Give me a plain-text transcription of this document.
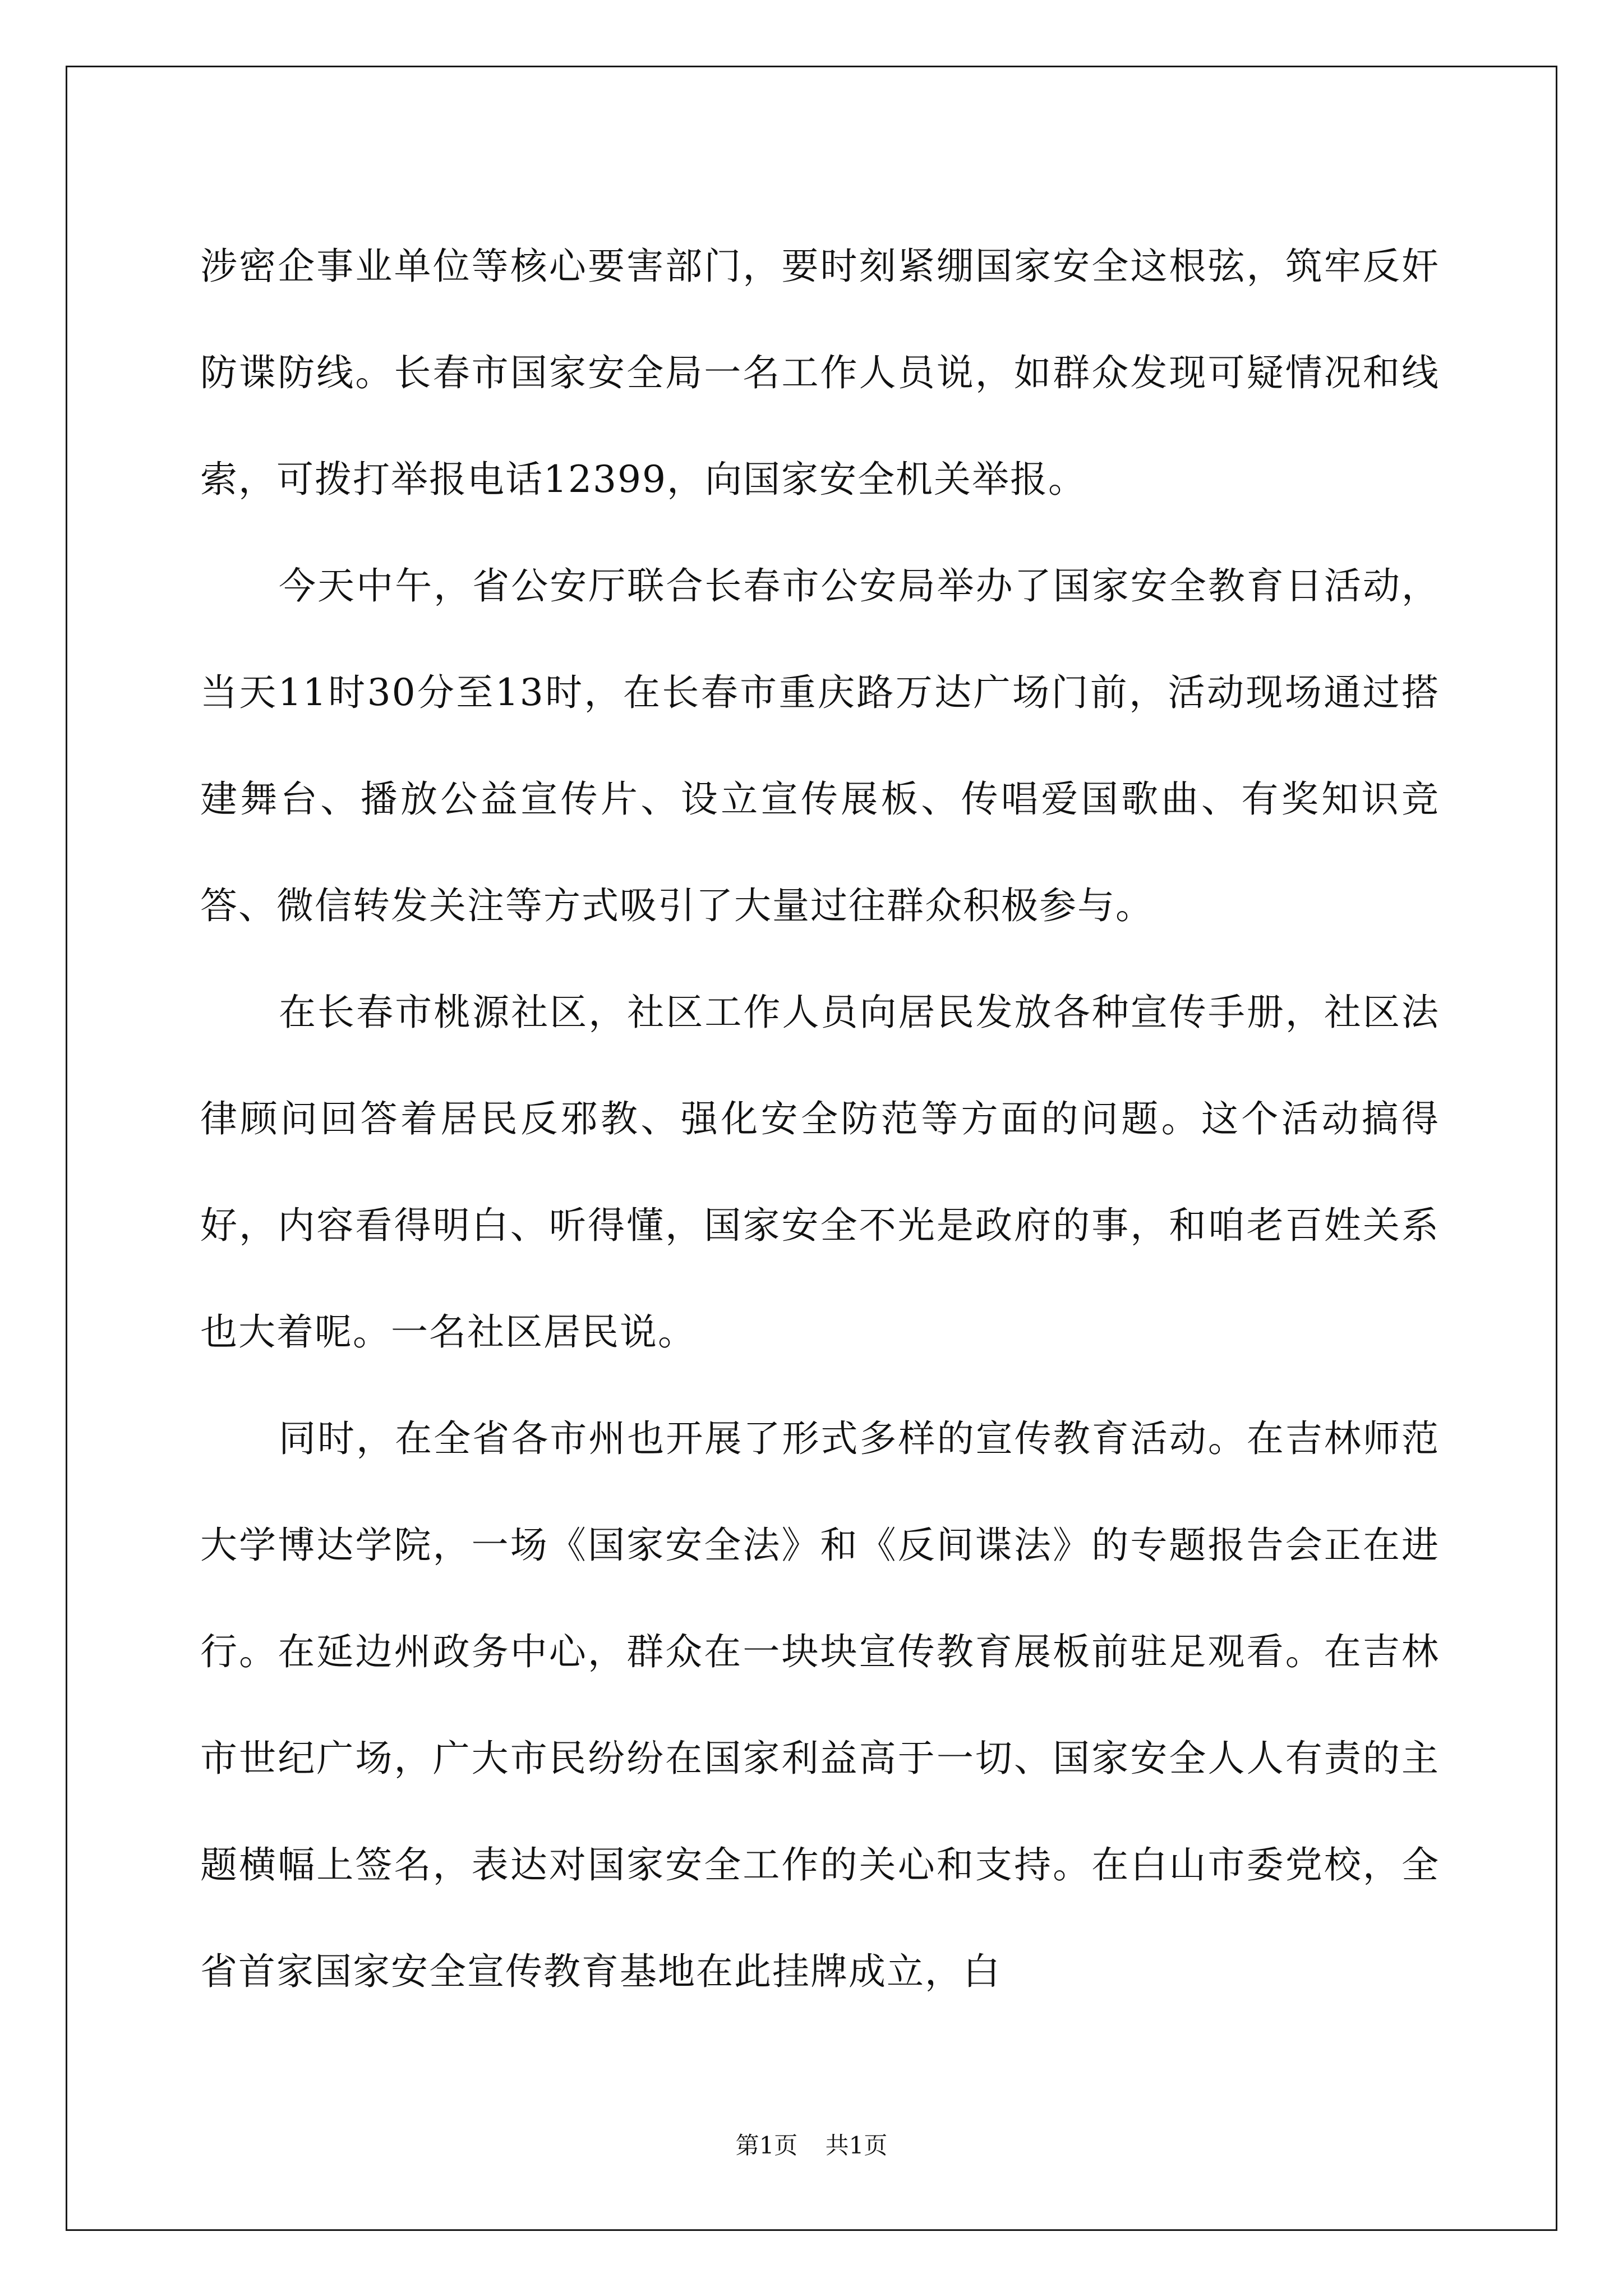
涉密企事业单位等核心要害部门，要时刻紧绷国家安全这根弦，筑牢反奸防谍防线。长春市国家安全局一名工作人员说，如群众发现可疑情况和线索，可拨打举报电话12399，向国家安全机关举报。

今天中午，省公安厅联合长春市公安局举办了国家安全教育日活动，当天11时30分至13时，在长春市重庆路万达广场门前，活动现场通过搭建舞台、播放公益宣传片、设立宣传展板、传唱爱国歌曲、有奖知识竞答、微信转发关注等方式吸引了大量过往群众积极参与。

在长春市桃源社区，社区工作人员向居民发放各种宣传手册，社区法律顾问回答着居民反邪教、强化安全防范等方面的问题。这个活动搞得好，内容看得明白、听得懂，国家安全不光是政府的事，和咱老百姓关系也大着呢。一名社区居民说。

同时，在全省各市州也开展了形式多样的宣传教育活动。在吉林师范大学博达学院，一场《国家安全法》和《反间谍法》的专题报告会正在进行。在延边州政务中心，群众在一块块宣传教育展板前驻足观看。在吉林市世纪广场，广大市民纷纷在国家利益高于一切、国家安全人人有责的主题横幅上签名，表达对国家安全工作的关心和支持。在白山市委党校，全省首家国家安全宣传教育基地在此挂牌成立，白

第1页 共1页
